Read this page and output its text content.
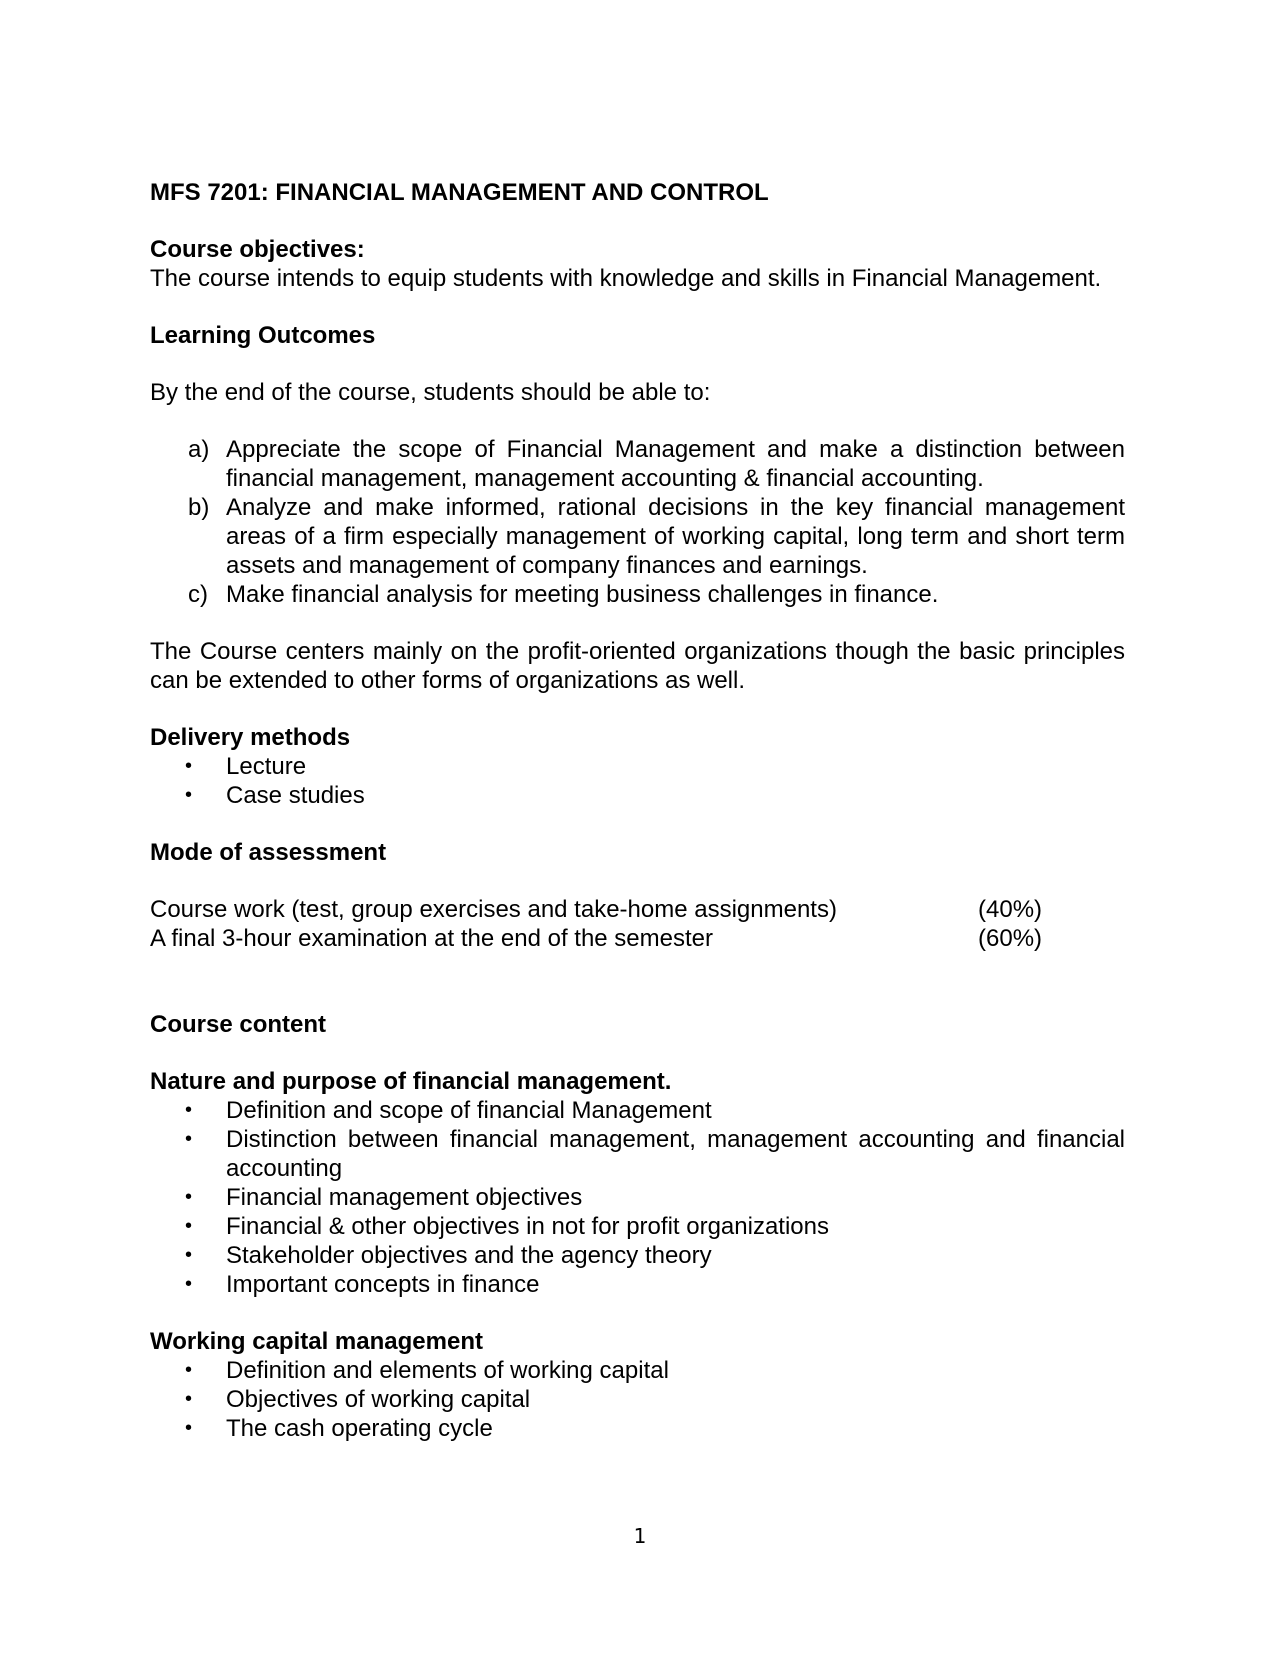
MFS 7201: FINANCIAL MANAGEMENT AND CONTROL

Course objectives:

The course intends to equip students with knowledge and skills in Financial Management.

Learning Outcomes

By the end of the course, students should be able to:

a) Appreciate the scope of Financial Management and make a distinction between financial management, management accounting & financial accounting.
b) Analyze and make informed, rational decisions in the key financial management areas of a firm especially management of working capital, long term and short term assets and management of company finances and earnings.
c) Make financial analysis for meeting business challenges in finance.

The Course centers mainly on the profit-oriented organizations though the basic principles can be extended to other forms of organizations as well.

Delivery methods

• Lecture
• Case studies

Mode of assessment

Course work (test, group exercises and take-home assignments)	(40%)
A final 3-hour examination at the end of the semester	(60%)

Course content

Nature and purpose of financial management.

• Definition and scope of financial Management
• Distinction between financial management, management accounting and financial accounting
• Financial management objectives
• Financial & other objectives in not for profit organizations
• Stakeholder objectives and the agency theory
• Important concepts in finance

Working capital management

• Definition and elements of working capital
• Objectives of working capital
• The cash operating cycle
1
